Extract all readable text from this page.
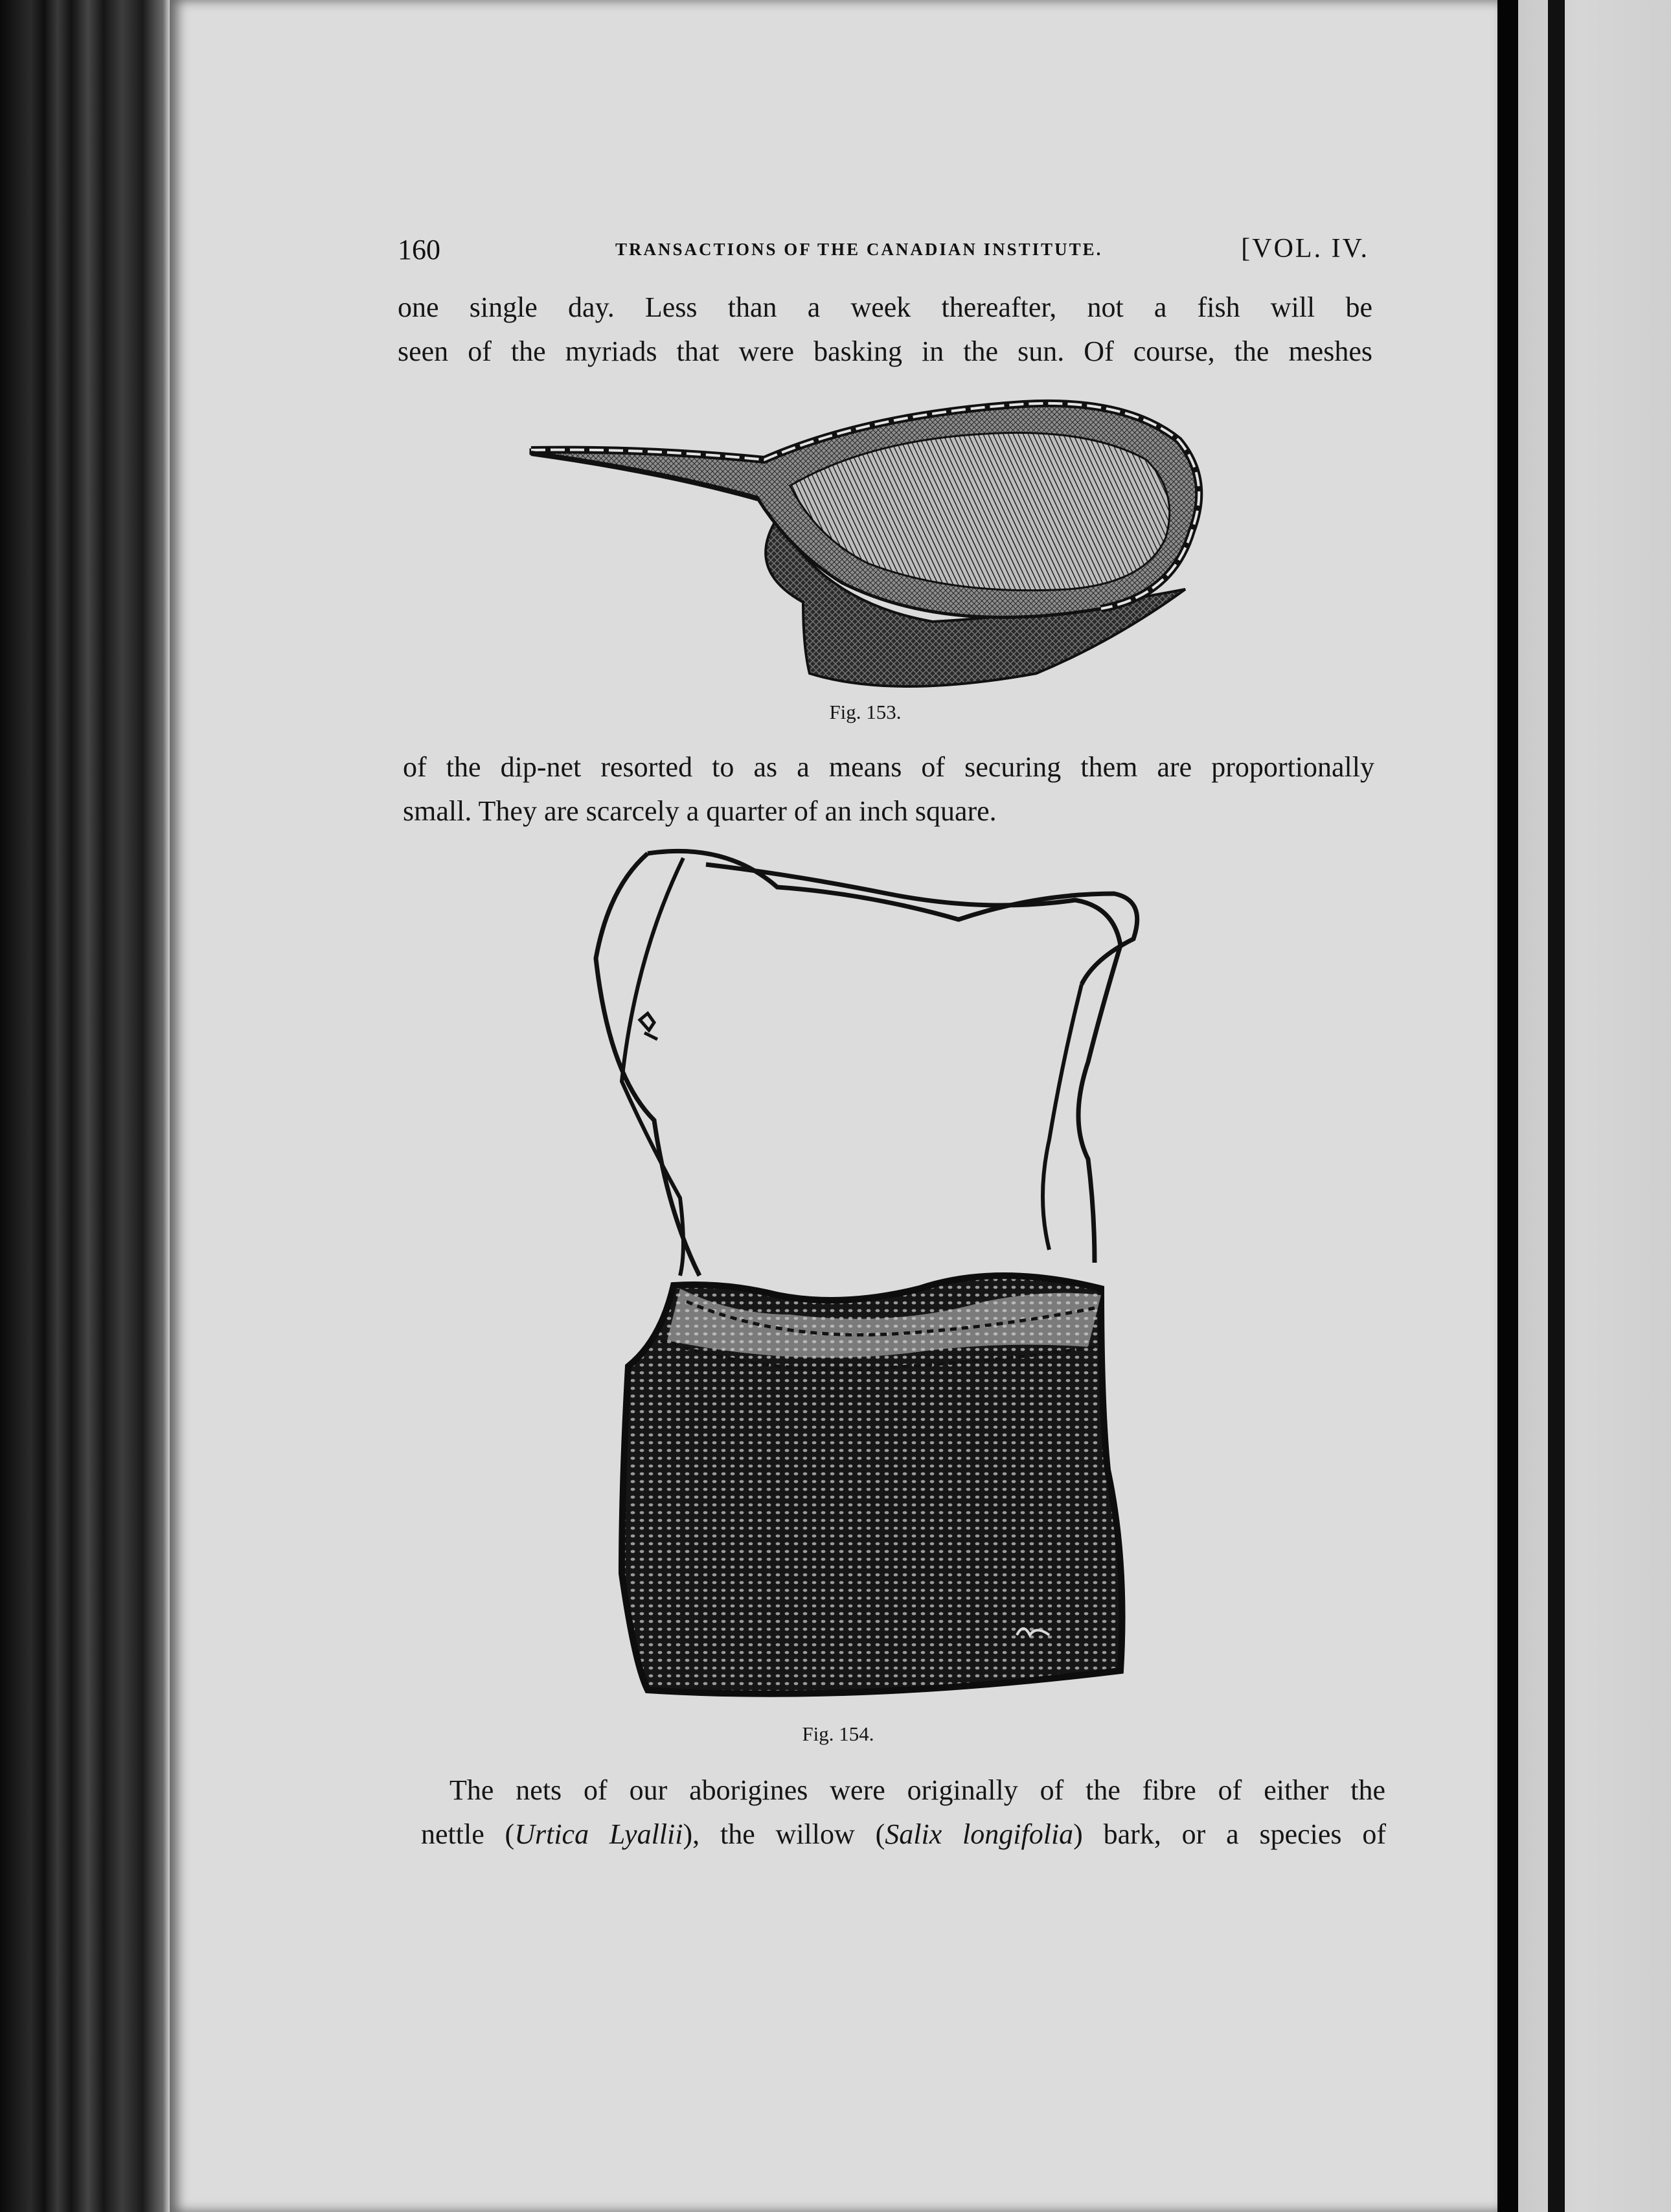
160	TRANSACTIONS OF THE CANADIAN INSTITUTE.	[VOL. IV.
one single day. Less than a week thereafter, not a fish will be
seen of the myriads that were basking in the sun. Of course, the meshes
Fig. 153.
of the dip-net resorted to as a means of securing them are proportionally
small. They are scarcely a quarter of an inch square.
Fig. 154.
The nets of our aborigines were originally of the fibre of either the
nettle (Urtica Lyallii), the willow (Salix longifolia) bark, or a species of
